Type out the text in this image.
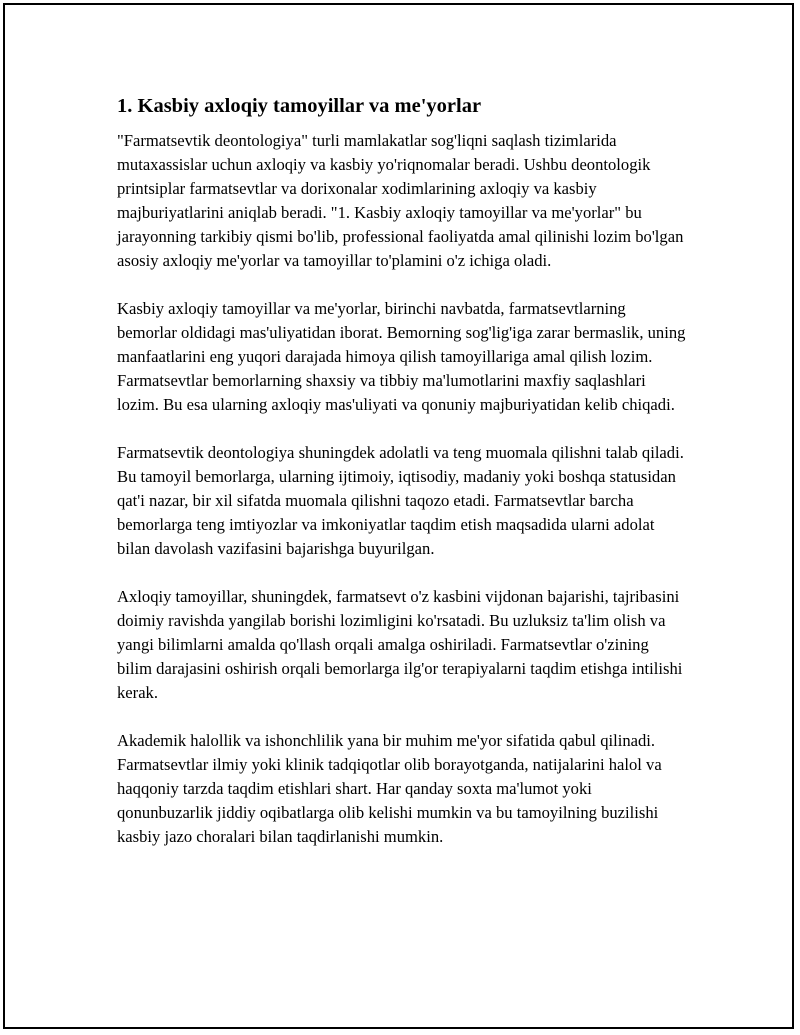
1. Kasbiy axloqiy tamoyillar va me'yorlar

"Farmatsevtik deontologiya" turli mamlakatlar sog'liqni saqlash tizimlarida mutaxassislar uchun axloqiy va kasbiy yo'riqnomalar beradi. Ushbu deontologik printsiplar farmatsevtlar va dorixonalar xodimlarining axloqiy va kasbiy majburiyatlarini aniqlab beradi. "1. Kasbiy axloqiy tamoyillar va me'yorlar" bu jarayonning tarkibiy qismi bo'lib, professional faoliyatda amal qilinishi lozim bo'lgan asosiy axloqiy me'yorlar va tamoyillar to'plamini o'z ichiga oladi.

Kasbiy axloqiy tamoyillar va me'yorlar, birinchi navbatda, farmatsevtlarning bemorlar oldidagi mas'uliyatidan iborat. Bemorning sog'lig'iga zarar bermaslik, uning manfaatlarini eng yuqori darajada himoya qilish tamoyillariga amal qilish lozim. Farmatsevtlar bemorlarning shaxsiy va tibbiy ma'lumotlarini maxfiy saqlashlari lozim. Bu esa ularning axloqiy mas'uliyati va qonuniy majburiyatidan kelib chiqadi.

Farmatsevtik deontologiya shuningdek adolatli va teng muomala qilishni talab qiladi. Bu tamoyil bemorlarga, ularning ijtimoiy, iqtisodiy, madaniy yoki boshqa statusidan qat'i nazar, bir xil sifatda muomala qilishni taqozo etadi. Farmatsevtlar barcha bemorlarga teng imtiyozlar va imkoniyatlar taqdim etish maqsadida ularni adolat bilan davolash vazifasini bajarishga buyurilgan.

Axloqiy tamoyillar, shuningdek, farmatsevt o'z kasbini vijdonan bajarishi, tajribasini doimiy ravishda yangilab borishi lozimligini ko'rsatadi. Bu uzluksiz ta'lim olish va yangi bilimlarni amalda qo'llash orqali amalga oshiriladi. Farmatsevtlar o'zining bilim darajasini oshirish orqali bemorlarga ilg'or terapiyalarni taqdim etishga intilishi kerak.

Akademik halollik va ishonchlilik yana bir muhim me'yor sifatida qabul qilinadi. Farmatsevtlar ilmiy yoki klinik tadqiqotlar olib borayotganda, natijalarini halol va haqqoniy tarzda taqdim etishlari shart. Har qanday soxta ma'lumot yoki qonunbuzarlik jiddiy oqibatlarga olib kelishi mumkin va bu tamoyilning buzilishi kasbiy jazo choralari bilan taqdirlanishi mumkin.
